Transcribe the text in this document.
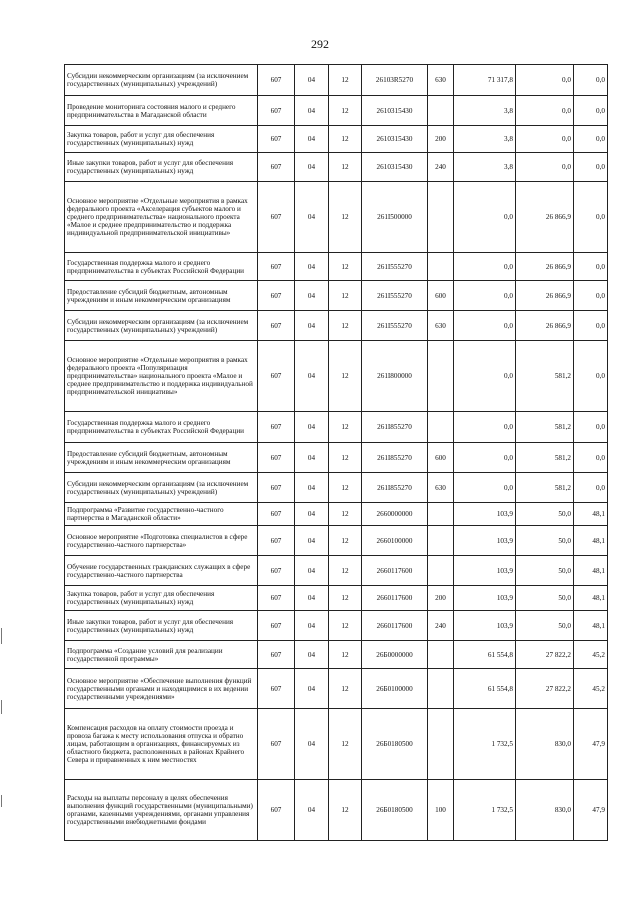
292
Субсидии некоммерческим организациям (за исключением государственных (муниципальных) учреждений)	607	04	12	26103R5270	630	71 317,8	0,0	0,0
Проведение мониторинга состояния малого и среднего предпринимательства в Магаданской области	607	04	12	2610315430		3,8	0,0	0,0
Закупка товаров, работ и услуг для обеспечения государственных (муниципальных) нужд	607	04	12	2610315430	200	3,8	0,0	0,0
Иные закупки товаров, работ и услуг для обеспечения государственных (муниципальных) нужд	607	04	12	2610315430	240	3,8	0,0	0,0
Основное мероприятие «Отдельные мероприятия в рамках федерального проекта «Акселерация субъектов малого и среднего предпринимательства» национального проекта «Малое и среднее предпринимательство и поддержка индивидуальной предпринимательской инициативы»	607	04	12	261I500000		0,0	26 866,9	0,0
Государственная поддержка малого и среднего предпринимательства в субъектах Российской Федерации	607	04	12	261I555270		0,0	26 866,9	0,0
Предоставление субсидий бюджетным, автономным учреждениям и иным некоммерческим организациям	607	04	12	261I555270	600	0,0	26 866,9	0,0
Субсидии некоммерческим организациям (за исключением государственных (муниципальных) учреждений)	607	04	12	261I555270	630	0,0	26 866,9	0,0
Основное мероприятие «Отдельные мероприятия в рамках федерального проекта «Популяризация предпринимательства» национального проекта «Малое и среднее предпринимательство и поддержка индивидуальной предпринимательской инициативы»	607	04	12	261I800000		0,0	581,2	0,0
Государственная поддержка малого и среднего предпринимательства в субъектах Российской Федерации	607	04	12	261I855270		0,0	581,2	0,0
Предоставление субсидий бюджетным, автономным учреждениям и иным некоммерческим организациям	607	04	12	261I855270	600	0,0	581,2	0,0
Субсидии некоммерческим организациям (за исключением государственных (муниципальных) учреждений)	607	04	12	261I855270	630	0,0	581,2	0,0
Подпрограмма «Развитие государственно-частного партнерства в Магаданской области»	607	04	12	2660000000		103,9	50,0	48,1
Основное мероприятие «Подготовка специалистов в сфере государственно-частного партнерства»	607	04	12	2660100000		103,9	50,0	48,1
Обучение государственных гражданских служащих в сфере государственно-частного партнерства	607	04	12	2660117600		103,9	50,0	48,1
Закупка товаров, работ и услуг для обеспечения государственных (муниципальных) нужд	607	04	12	2660117600	200	103,9	50,0	48,1
Иные закупки товаров, работ и услуг для обеспечения государственных (муниципальных) нужд	607	04	12	2660117600	240	103,9	50,0	48,1
Подпрограмма «Создание условий для реализации государственной программы»	607	04	12	26Б0000000		61 554,8	27 822,2	45,2
Основное мероприятие «Обеспечение выполнения функций государственными органами и находящимися в их ведении государственными учреждениями»	607	04	12	26Б0100000		61 554,8	27 822,2	45,2
Компенсация расходов на оплату стоимости проезда и провоза багажа к месту использования отпуска и обратно лицам, работающим в организациях, финансируемых из областного бюджета, расположенных в районах Крайнего Севера и приравненных к ним местностях	607	04	12	26Б0180500		1 732,5	830,0	47,9
Расходы на выплаты персоналу в целях обеспечения выполнения функций государственными (муниципальными) органами, казенными учреждениями, органами управления государственными внебюджетными фондами	607	04	12	26Б0180500	100	1 732,5	830,0	47,9
